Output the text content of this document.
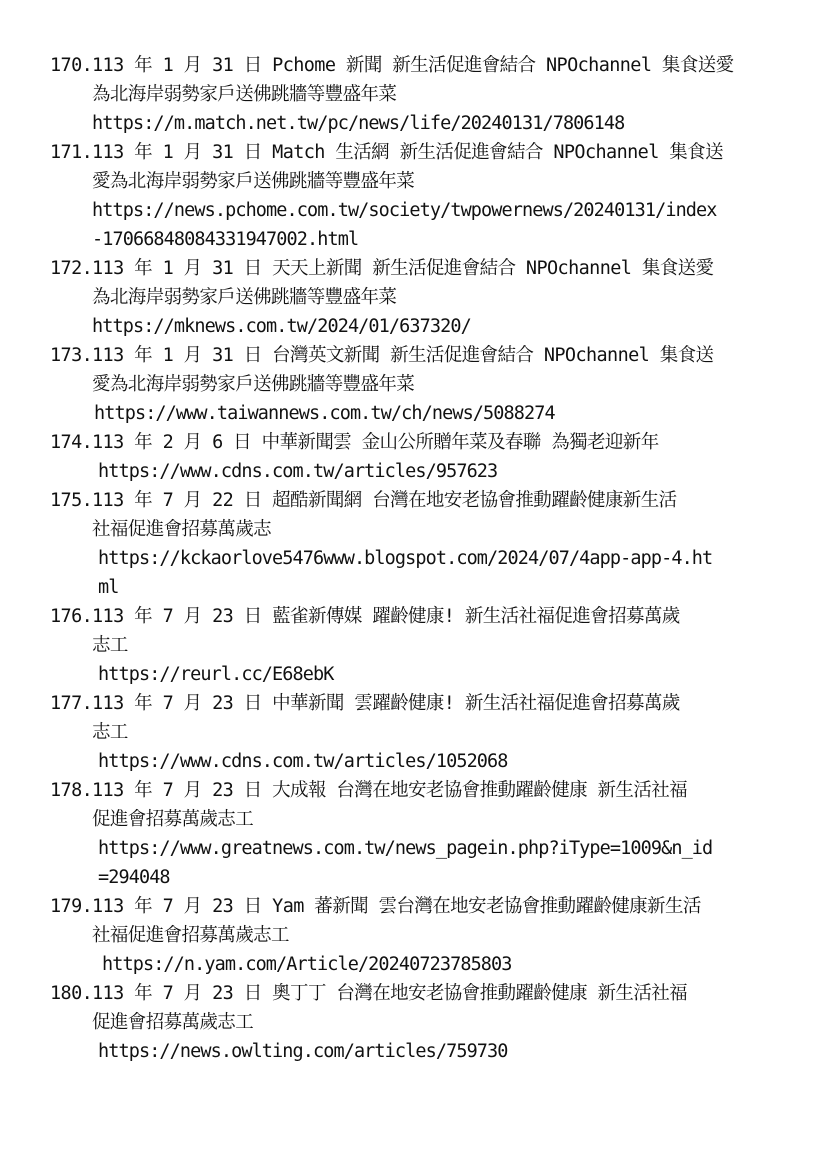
170. 113 年 1 月 31 日 Pchome 新聞 新生活促進會結合 NPOchannel 集食送愛
為北海岸弱勢家戶送佛跳牆等豐盛年菜
https://m.match.net.tw/pc/news/life/20240131/7806148
171. 113 年 1 月 31 日 Match 生活網 新生活促進會結合 NPOchannel 集食送
愛為北海岸弱勢家戶送佛跳牆等豐盛年菜
https://news.pchome.com.tw/society/twpowernews/20240131/index
-17066848084331947002.html
172. 113 年 1 月 31 日 天天上新聞 新生活促進會結合 NPOchannel 集食送愛
為北海岸弱勢家戶送佛跳牆等豐盛年菜
https://mknews.com.tw/2024/01/637320/
173. 113 年 1 月 31 日 台灣英文新聞 新生活促進會結合 NPOchannel 集食送
愛為北海岸弱勢家戶送佛跳牆等豐盛年菜
https://www.taiwannews.com.tw/ch/news/5088274
174. 113 年 2 月 6 日 中華新聞雲 金山公所贈年菜及春聯 為獨老迎新年
https://www.cdns.com.tw/articles/957623
175. 113 年 7 月 22 日 超酷新聞網 台灣在地安老協會推動躍齡健康新生活
社福促進會招募萬歲志
https://kckaorlove5476www.blogspot.com/2024/07/4app-app-4.ht
ml
176. 113 年 7 月 23 日 藍雀新傳媒 躍齡健康! 新生活社福促進會招募萬歲
志工
https://reurl.cc/E68ebK
177. 113 年 7 月 23 日 中華新聞 雲躍齡健康! 新生活社福促進會招募萬歲
志工
https://www.cdns.com.tw/articles/1052068
178. 113 年 7 月 23 日 大成報 台灣在地安老協會推動躍齡健康 新生活社福
促進會招募萬歲志工
https://www.greatnews.com.tw/news_pagein.php?iType=1009&n_id
=294048
179. 113 年 7 月 23 日 Yam 蕃新聞 雲台灣在地安老協會推動躍齡健康新生活
社福促進會招募萬歲志工
https://n.yam.com/Article/20240723785803
180. 113 年 7 月 23 日 奧丁丁 台灣在地安老協會推動躍齡健康 新生活社福
促進會招募萬歲志工
https://news.owlting.com/articles/759730
